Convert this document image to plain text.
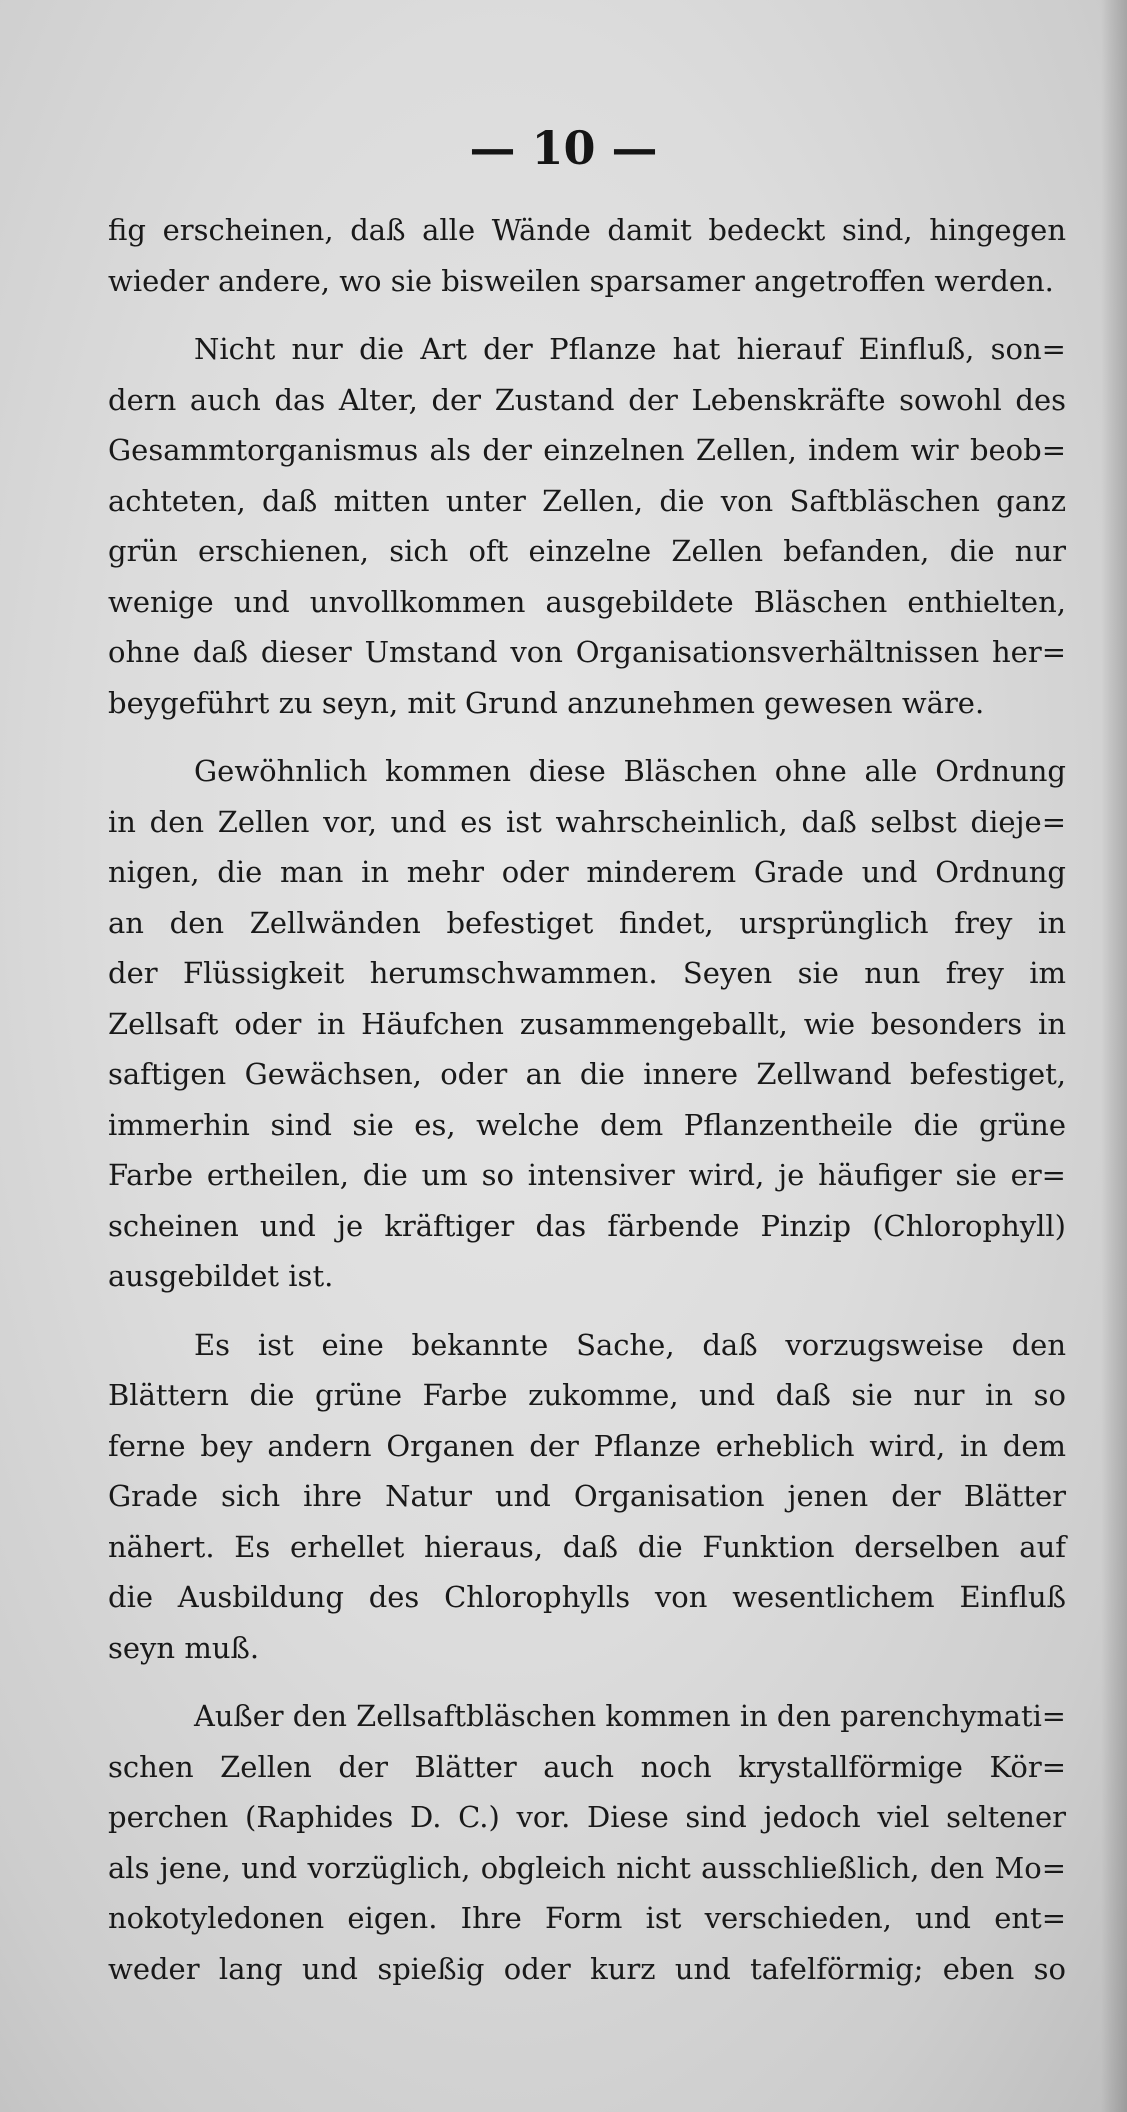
— 10 —

fig erscheinen, daß alle Wände damit bedeckt sind, hingegen
wieder andere, wo sie bisweilen sparsamer angetroffen werden.

Nicht nur die Art der Pflanze hat hierauf Einfluß, son=
dern auch das Alter, der Zustand der Lebenskräfte sowohl des
Gesammtorganismus als der einzelnen Zellen, indem wir beob=
achteten, daß mitten unter Zellen, die von Saftbläschen ganz
grün erschienen, sich oft einzelne Zellen befanden, die nur
wenige und unvollkommen ausgebildete Bläschen enthielten,
ohne daß dieser Umstand von Organisationsverhältnissen her=
beygeführt zu seyn, mit Grund anzunehmen gewesen wäre.

Gewöhnlich kommen diese Bläschen ohne alle Ordnung
in den Zellen vor, und es ist wahrscheinlich, daß selbst dieje=
nigen, die man in mehr oder minderem Grade und Ordnung
an den Zellwänden befestiget findet, ursprünglich frey in
der Flüssigkeit herumschwammen. Seyen sie nun frey im
Zellsaft oder in Häufchen zusammengeballt, wie besonders in
saftigen Gewächsen, oder an die innere Zellwand befestiget,
immerhin sind sie es, welche dem Pflanzentheile die grüne
Farbe ertheilen, die um so intensiver wird, je häufiger sie er=
scheinen und je kräftiger das färbende Pinzip (Chlorophyll)
ausgebildet ist.

Es ist eine bekannte Sache, daß vorzugsweise den
Blättern die grüne Farbe zukomme, und daß sie nur in so
ferne bey andern Organen der Pflanze erheblich wird, in dem
Grade sich ihre Natur und Organisation jenen der Blätter
nähert. Es erhellet hieraus, daß die Funktion derselben auf
die Ausbildung des Chlorophylls von wesentlichem Einfluß
seyn muß.

Außer den Zellsaftbläschen kommen in den parenchymati=
schen Zellen der Blätter auch noch krystallförmige Kör=
perchen (Raphides D. C.) vor. Diese sind jedoch viel seltener
als jene, und vorzüglich, obgleich nicht ausschließlich, den Mo=
nokotyledonen eigen. Ihre Form ist verschieden, und ent=
weder lang und spießig oder kurz und tafelförmig; eben so
